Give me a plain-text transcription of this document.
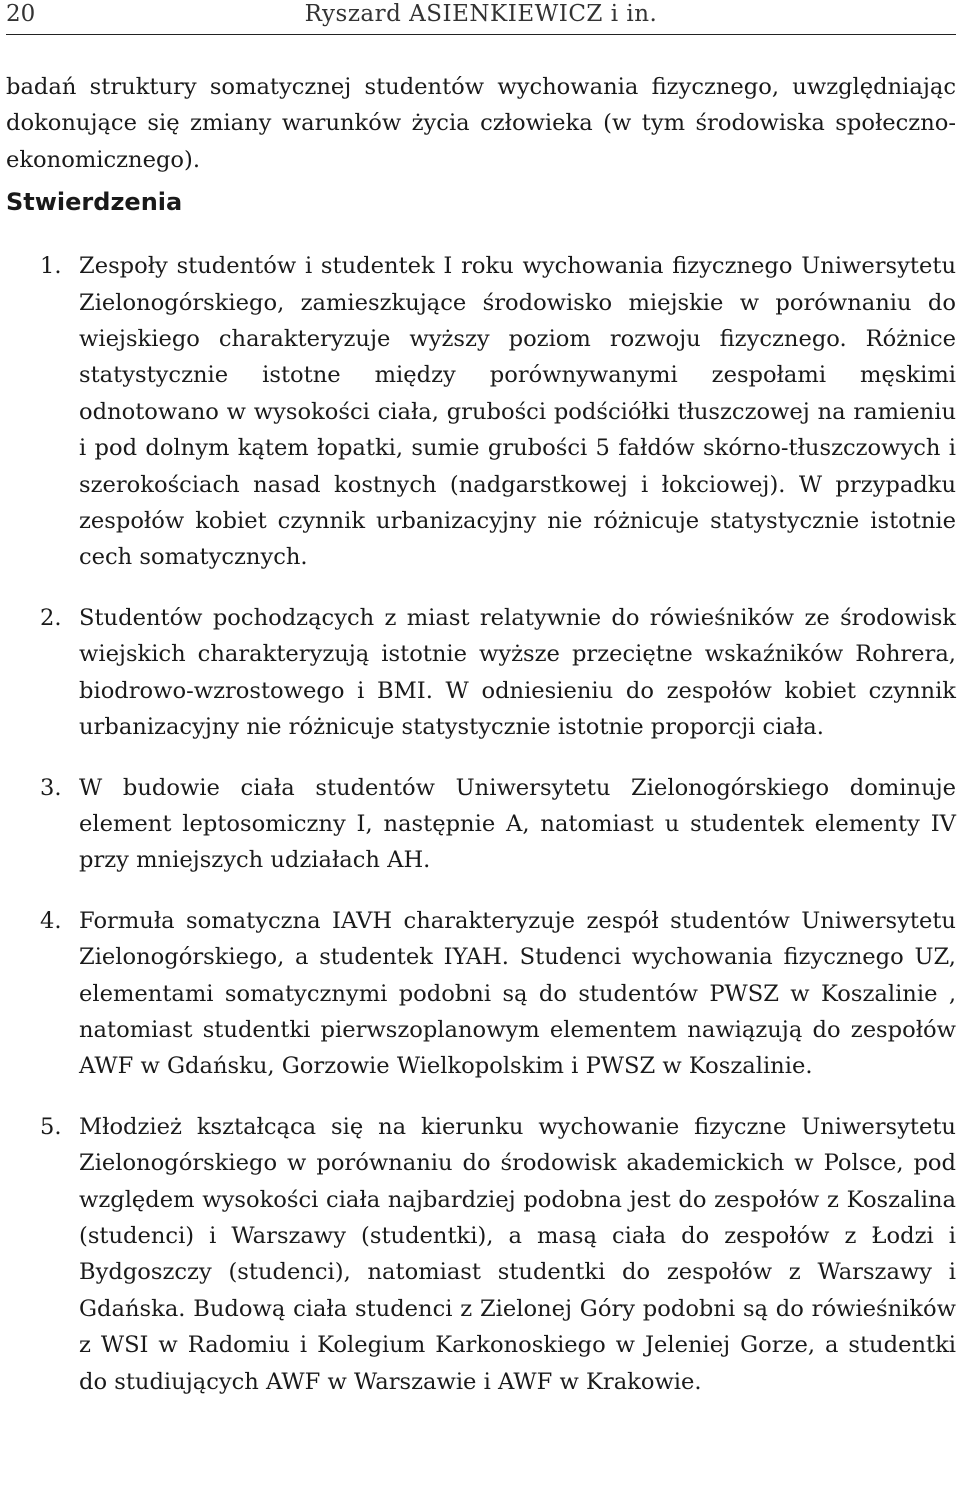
20	Ryszard ASIENKIEWICZ i in.

badań struktury somatycznej studentów wychowania fizycznego, uwzględniając dokonujące się zmiany warunków życia człowieka (w tym środowiska społeczno-ekonomicznego).

Stwierdzenia
1. Zespoły studentów i studentek I roku wychowania fizycznego Uniwersytetu Zielonogórskiego, zamieszkujące środowisko miejskie w porównaniu do wiejskiego charakteryzuje wyższy poziom rozwoju fizycznego. Różnice statystycznie istotne między porównywanymi zespołami męskimi odnotowano w wysokości ciała, grubości podściółki tłuszczowej na ramieniu i pod dolnym kątem łopatki, sumie grubości 5 fałdów skórno-tłuszczowych i szerokościach nasad kostnych (nadgarstkowej i łokciowej). W przypadku zespołów kobiet czynnik urbanizacyjny nie różnicuje statystycznie istotnie cech somatycznych.

2. Studentów pochodzących z miast relatywnie do rówieśników ze środowisk wiejskich charakteryzują istotnie wyższe przeciętne wskaźników Rohrera, biodrowo-wzrostowego i BMI. W odniesieniu do zespołów kobiet czynnik urbanizacyjny nie różnicuje statystycznie istotnie proporcji ciała.

3. W budowie ciała studentów Uniwersytetu Zielonogórskiego dominuje element leptosomiczny I, następnie A, natomiast u studentek elementy IV przy mniejszych udziałach AH.

4. Formuła somatyczna IAVH charakteryzuje zespół studentów Uniwersytetu Zielonogórskiego, a studentek IYAH. Studenci wychowania fizycznego UZ, elementami somatycznymi podobni są do studentów PWSZ w Koszalinie , natomiast studentki pierwszoplanowym elementem nawiązują do zespołów AWF w Gdańsku, Gorzowie Wielkopolskim i PWSZ w Koszalinie.

5. Młodzież kształcąca się na kierunku wychowanie fizyczne Uniwersytetu Zielonogórskiego w porównaniu do środowisk akademickich w Polsce, pod względem wysokości ciała najbardziej podobna jest do zespołów z Koszalina (studenci) i Warszawy (studentki), a masą ciała do zespołów z Łodzi i Bydgoszczy (studenci), natomiast studentki do zespołów z Warszawy i Gdańska. Budową ciała studenci z Zielonej Góry podobni są do rówieśników z WSI w Radomiu i Kolegium Karkonoskiego w Jeleniej Gorze, a studentki do studiujących AWF w Warszawie i AWF w Krakowie.
